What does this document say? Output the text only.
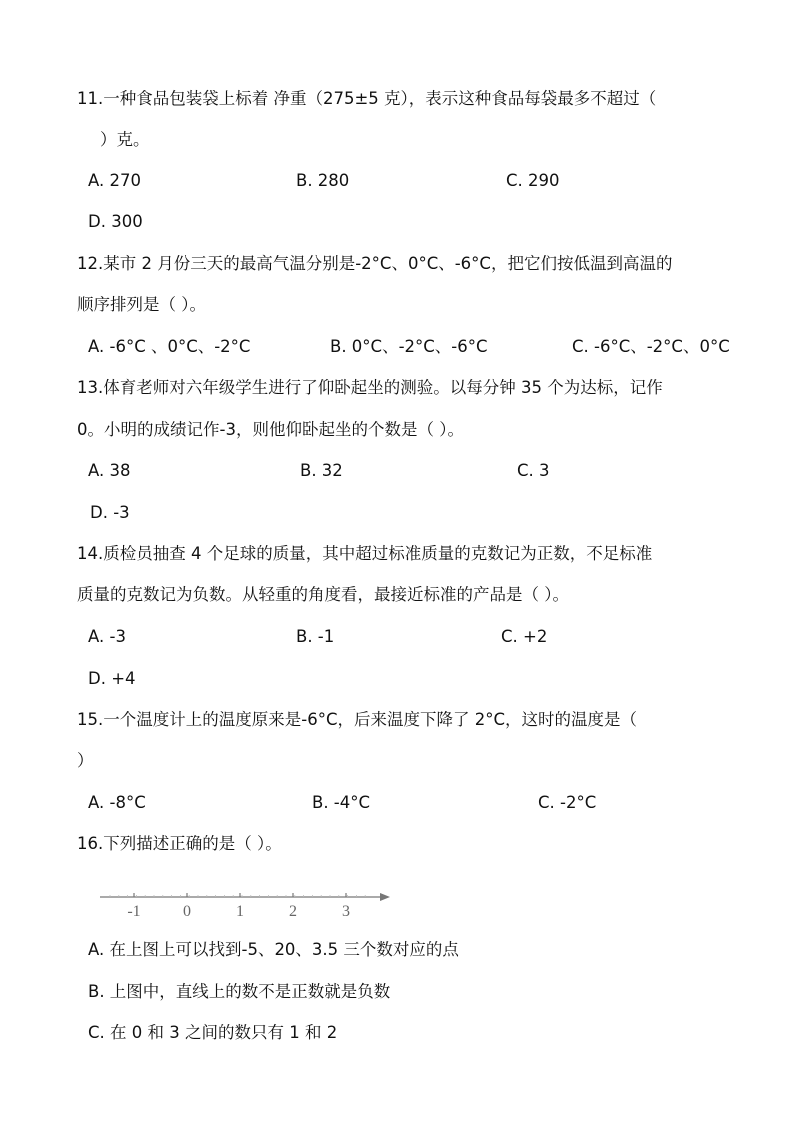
11.一种食品包装袋上标着 净重（275±5 克），表示这种食品每袋最多不超过（
）克。
A. 270	B. 280	C. 290
D. 300
12.某市 2 月份三天的最高气温分别是-2°C、0°C、-6°C，把它们按低温到高温的
顺序排列是（ ）。
A. -6°C 、0°C、-2°C	B. 0°C、-2°C、-6°C	C. -6°C、-2°C、0°C
13.体育老师对六年级学生进行了仰卧起坐的测验。以每分钟 35 个为达标，记作
0。小明的成绩记作-3，则他仰卧起坐的个数是（ ）。
A. 38	B. 32	C. 3
D. -3
14.质检员抽查 4 个足球的质量，其中超过标准质量的克数记为正数，不足标准
质量的克数记为负数。从轻重的角度看，最接近标准的产品是（ ）。
A. -3	B. -1	C. +2
D. +4
15.一个温度计上的温度原来是-6°C，后来温度下降了 2°C，这时的温度是（
）
A. -8°C	B. -4°C	C. -2°C
16.下列描述正确的是（ ）。
-1	0	1	2	3
A. 在上图上可以找到-5、20、3.5 三个数对应的点
B. 上图中，直线上的数不是正数就是负数
C. 在 0 和 3 之间的数只有 1 和 2
